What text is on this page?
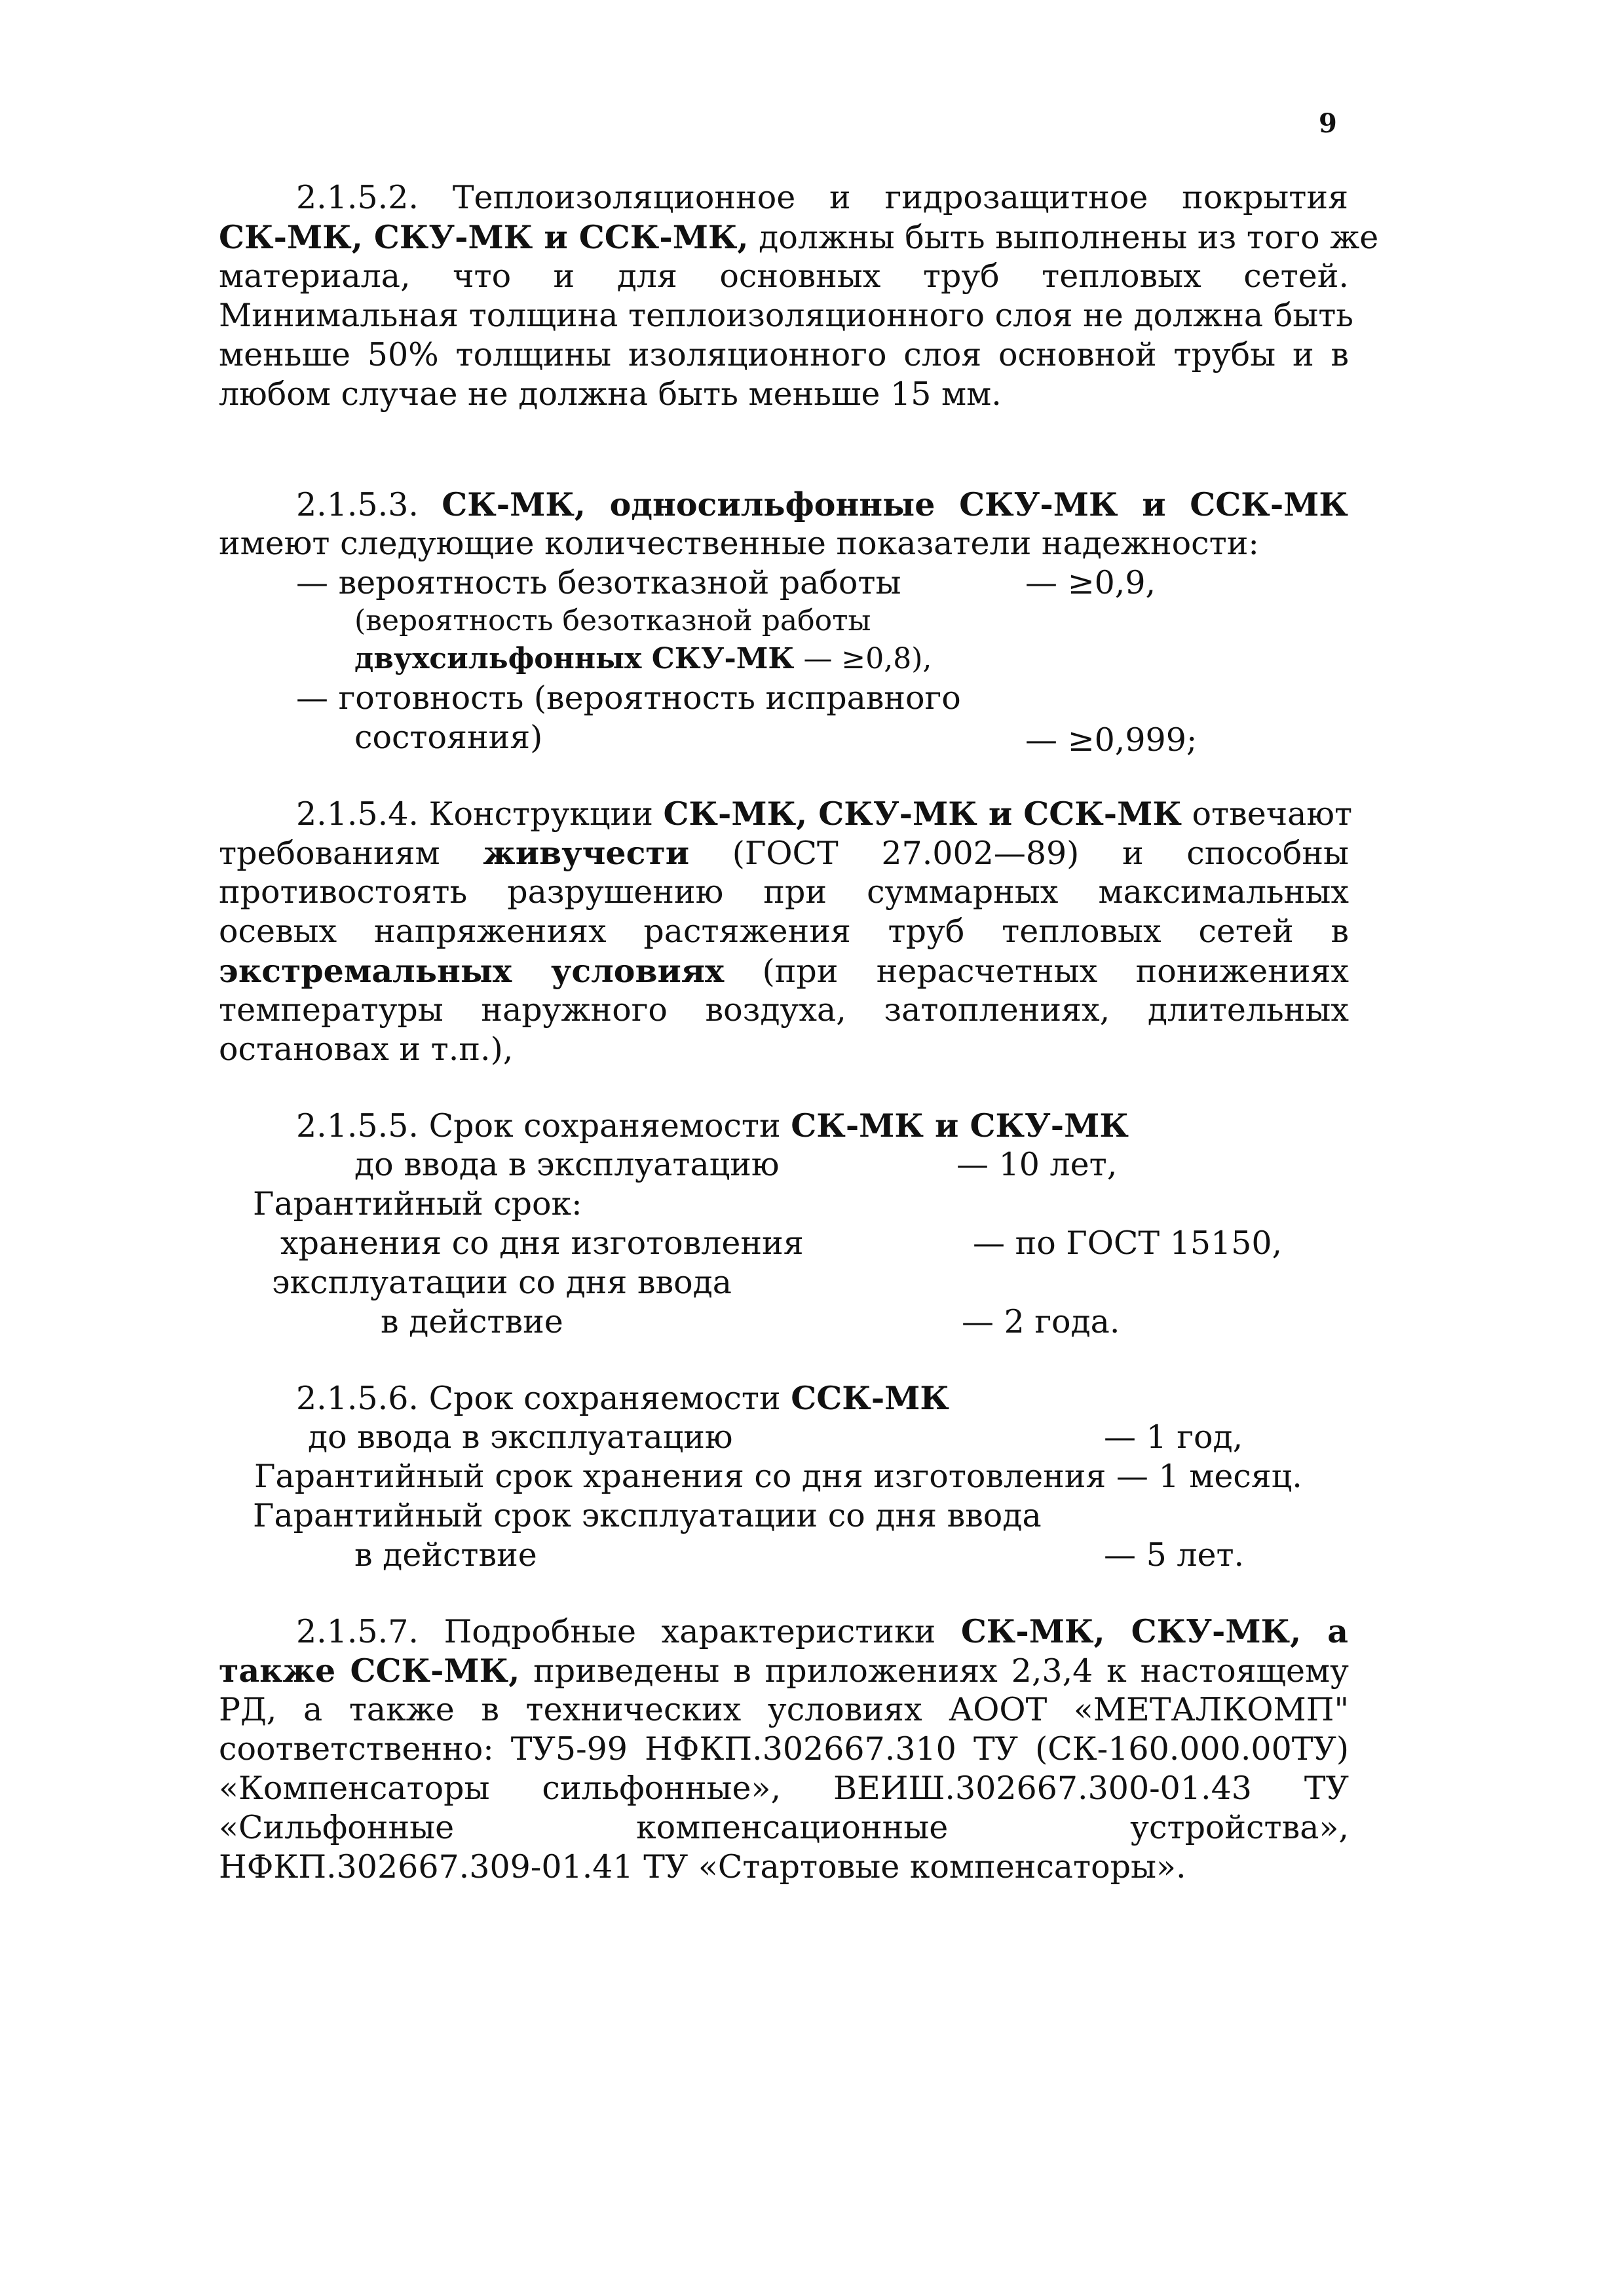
9
2.1.5.2. Теплоизоляционное и гидрозащитное покрытия
СК-МК, СКУ-МК и ССК-МК, должны быть выполнены из того же
материала, что и для основных труб тепловых сетей.
Минимальная толщина теплоизоляционного слоя не должна быть
меньше 50% толщины изоляционного слоя основной трубы и в
любом случае не должна быть меньше 15 мм.
2.1.5.3. СК-МК, односильфонные СКУ-МК и ССК-МК
имеют следующие количественные показатели надежности:
— вероятность безотказной работы	— ≥0,9,
(вероятность безотказной работы
двухсильфонных СКУ-МК — ≥0,8),
— готовность (вероятность исправного
состояния)	— ≥0,999;
2.1.5.4. Конструкции СК-МК, СКУ-МК и ССК-МК отвечают
требованиям живучести (ГОСТ 27.002—89) и способны
противостоять разрушению при суммарных максимальных
осевых напряжениях растяжения труб тепловых сетей в
экстремальных условиях (при нерасчетных понижениях
температуры наружного воздуха, затоплениях, длительных
остановах и т.п.),
2.1.5.5. Срок сохраняемости СК-МК и СКУ-МК
до ввода в эксплуатацию	— 10 лет,
Гарантийный срок:
хранения со дня изготовления	— по ГОСТ 15150,
эксплуатации со дня ввода
в действие	— 2 года.
2.1.5.6. Срок сохраняемости ССК-МК
до ввода в эксплуатацию	— 1 год,
Гарантийный срок хранения со дня изготовления — 1 месяц.
Гарантийный срок эксплуатации со дня ввода
в действие	— 5 лет.
2.1.5.7. Подробные характеристики СК-МК, СКУ-МК, а
также ССК-МК, приведены в приложениях 2,3,4 к настоящему
РД, а также в технических условиях АООТ «МЕТАЛКОМП"
соответственно: ТУ5-99 НФКП.302667.310 ТУ (СК-160.000.00ТУ)
«Компенсаторы сильфонные», ВЕИШ.302667.300-01.43 ТУ
«Сильфонные компенсационные устройства»,
НФКП.302667.309-01.41 ТУ «Стартовые компенсаторы».
